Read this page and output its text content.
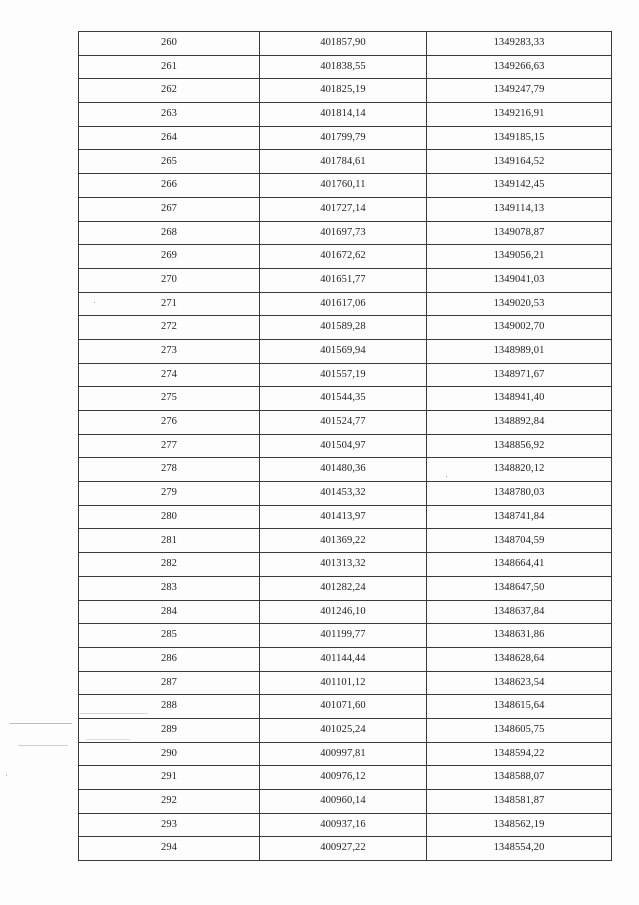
260	401857,90	1349283,33
261	401838,55	1349266,63
262	401825,19	1349247,79
263	401814,14	1349216,91
264	401799,79	1349185,15
265	401784,61	1349164,52
266	401760,11	1349142,45
267	401727,14	1349114,13
268	401697,73	1349078,87
269	401672,62	1349056,21
270	401651,77	1349041,03
271	401617,06	1349020,53
272	401589,28	1349002,70
273	401569,94	1348989,01
274	401557,19	1348971,67
275	401544,35	1348941,40
276	401524,77	1348892,84
277	401504,97	1348856,92
278	401480,36	1348820,12
279	401453,32	1348780,03
280	401413,97	1348741,84
281	401369,22	1348704,59
282	401313,32	1348664,41
283	401282,24	1348647,50
284	401246,10	1348637,84
285	401199,77	1348631,86
286	401144,44	1348628,64
287	401101,12	1348623,54
288	401071,60	1348615,64
289	401025,24	1348605,75
290	400997,81	1348594,22
291	400976,12	1348588,07
292	400960,14	1348581,87
293	400937,16	1348562,19
294	400927,22	1348554,20
